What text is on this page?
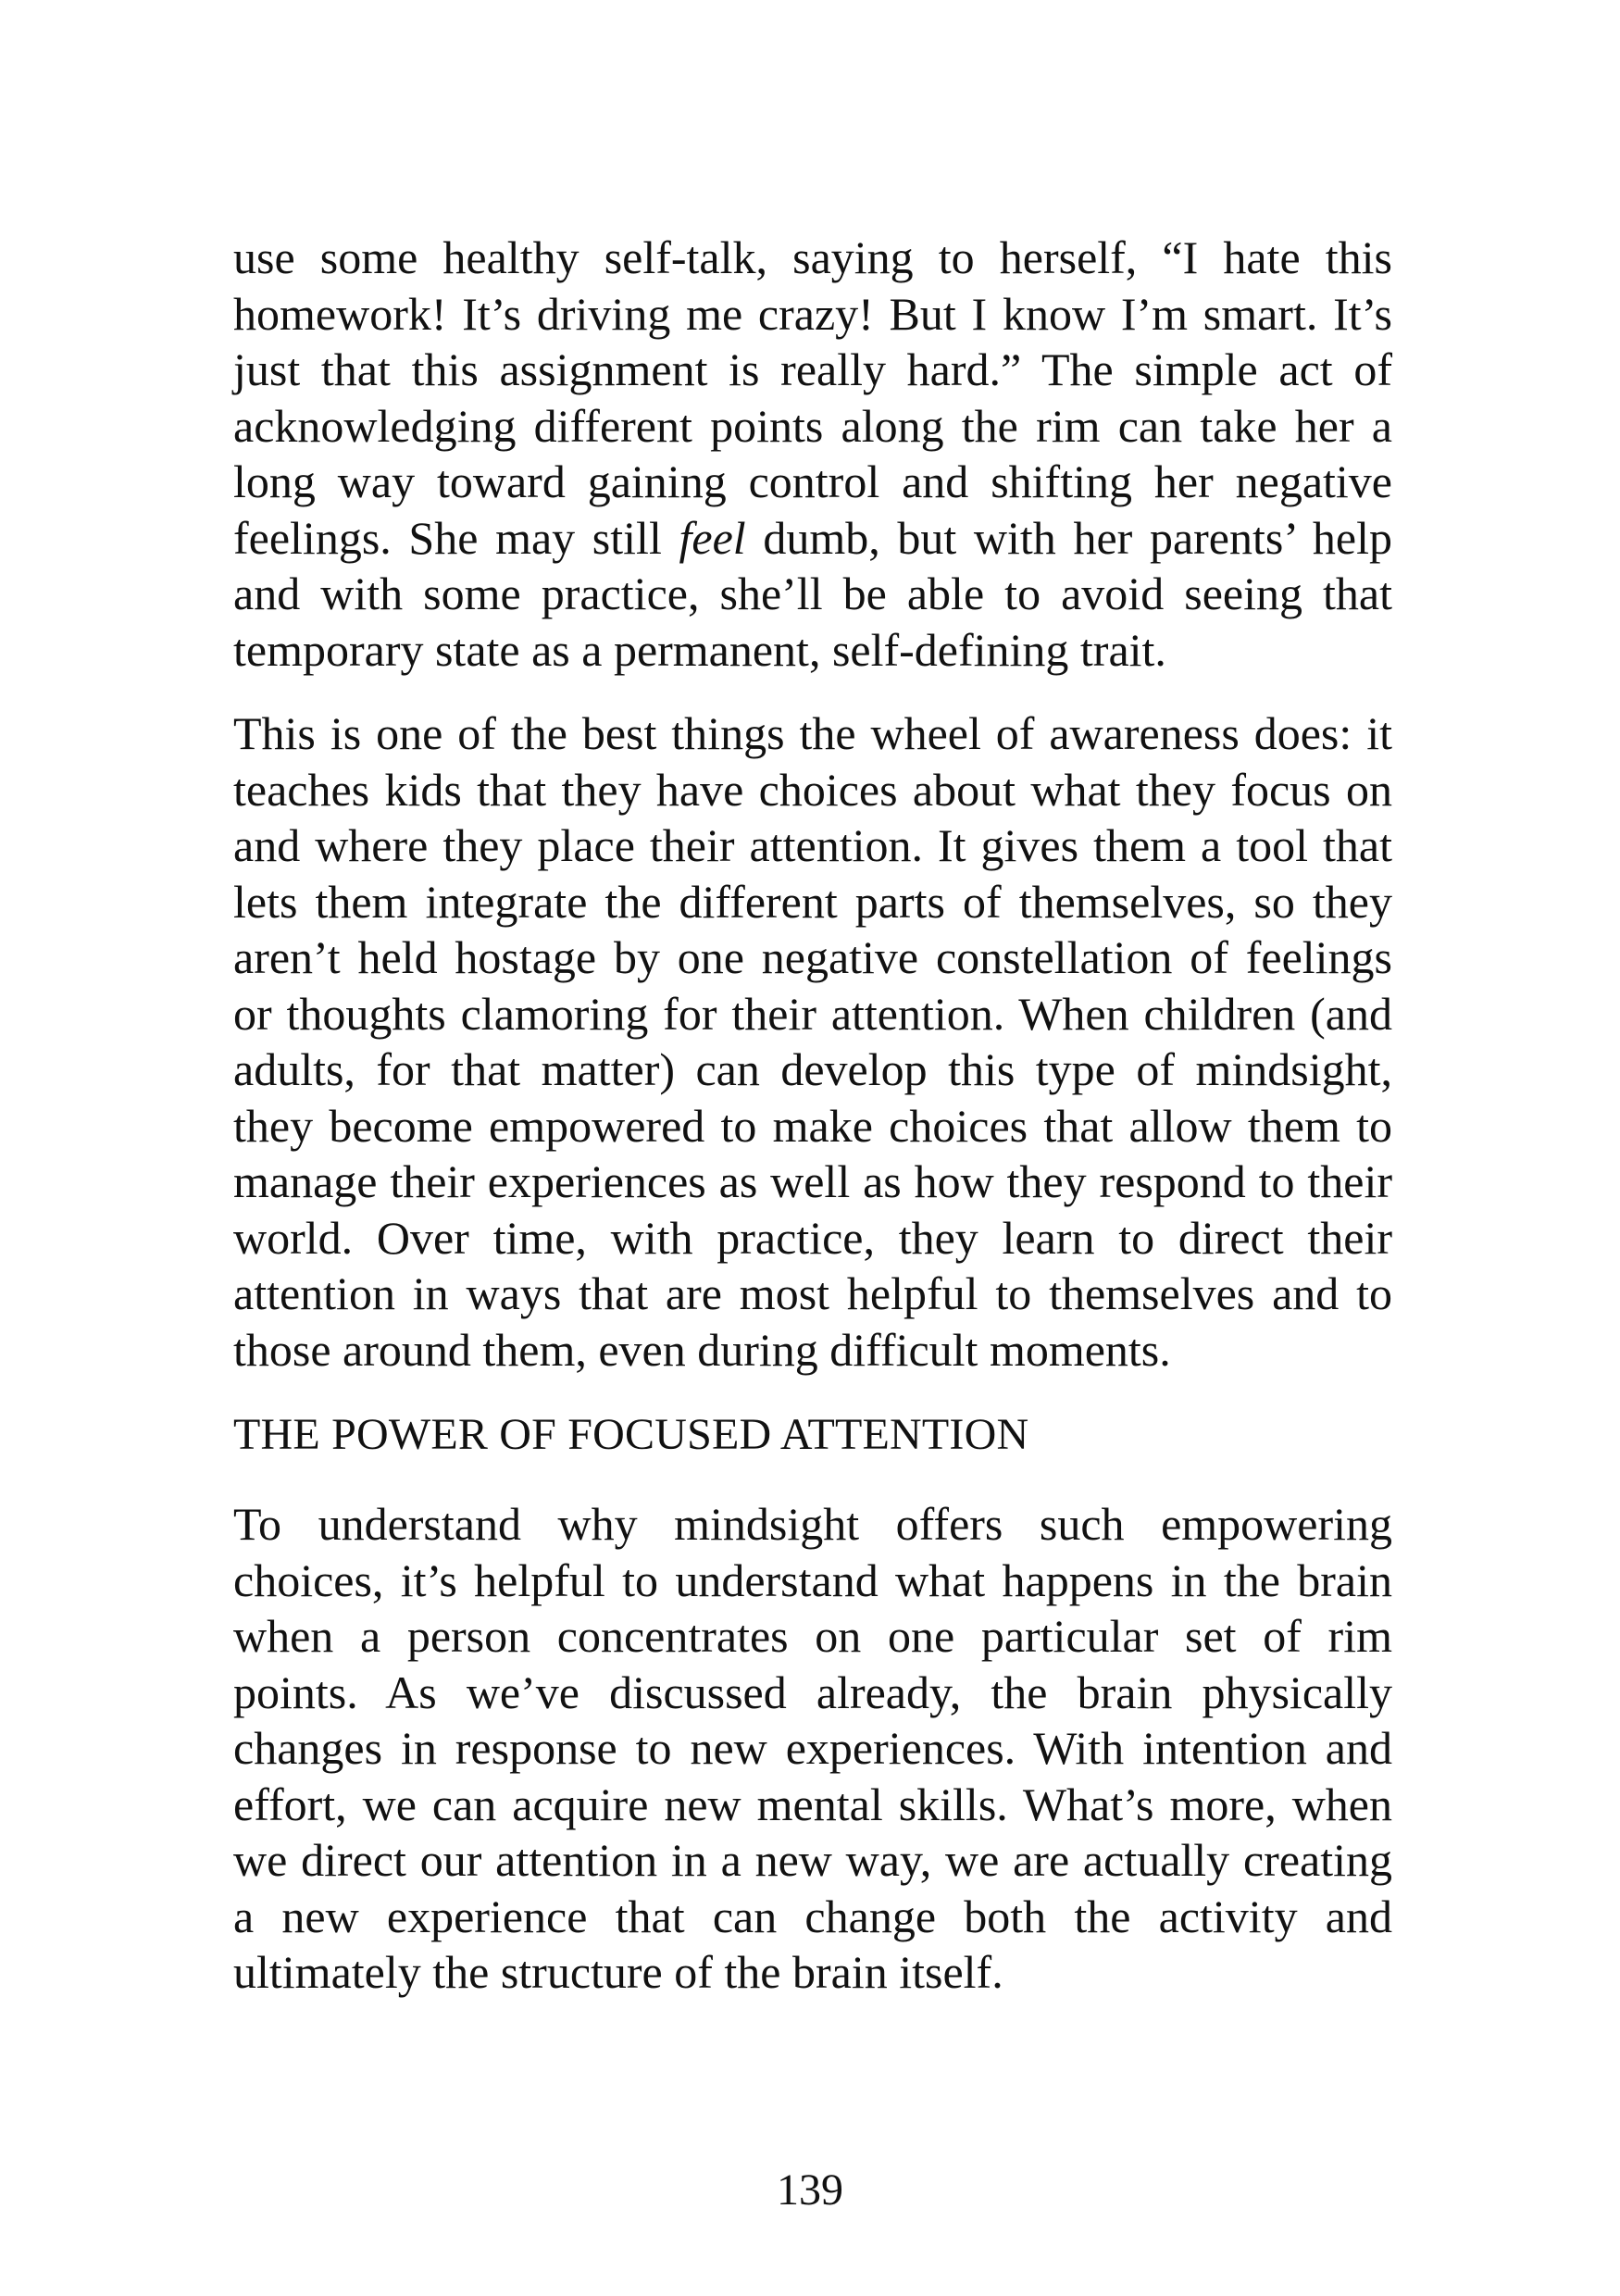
use some healthy self-talk, saying to herself, “I hate this homework! It’s driving me crazy! But I know I’m smart. It’s just that this assignment is really hard.” The simple act of acknowledging different points along the rim can take her a long way toward gaining control and shifting her negative feelings. She may still feel dumb, but with her parents’ help and with some practice, she’ll be able to avoid seeing that temporary state as a permanent, self-defining trait.

This is one of the best things the wheel of awareness does: it teaches kids that they have choices about what they focus on and where they place their attention. It gives them a tool that lets them integrate the different parts of themselves, so they aren’t held hostage by one negative constellation of feelings or thoughts clamoring for their attention. When children (and adults, for that matter) can develop this type of mindsight, they become empowered to make choices that allow them to manage their experiences as well as how they respond to their world. Over time, with practice, they learn to direct their attention in ways that are most helpful to themselves and to those around them, even during difficult moments.

THE POWER OF FOCUSED ATTENTION

To understand why mindsight offers such empowering choices, it’s helpful to understand what happens in the brain when a person concentrates on one particular set of rim points. As we’ve discussed already, the brain physically changes in response to new experiences. With intention and effort, we can acquire new mental skills. What’s more, when we direct our attention in a new way, we are actually creating a new experience that can change both the activity and ultimately the structure of the brain itself.

139
